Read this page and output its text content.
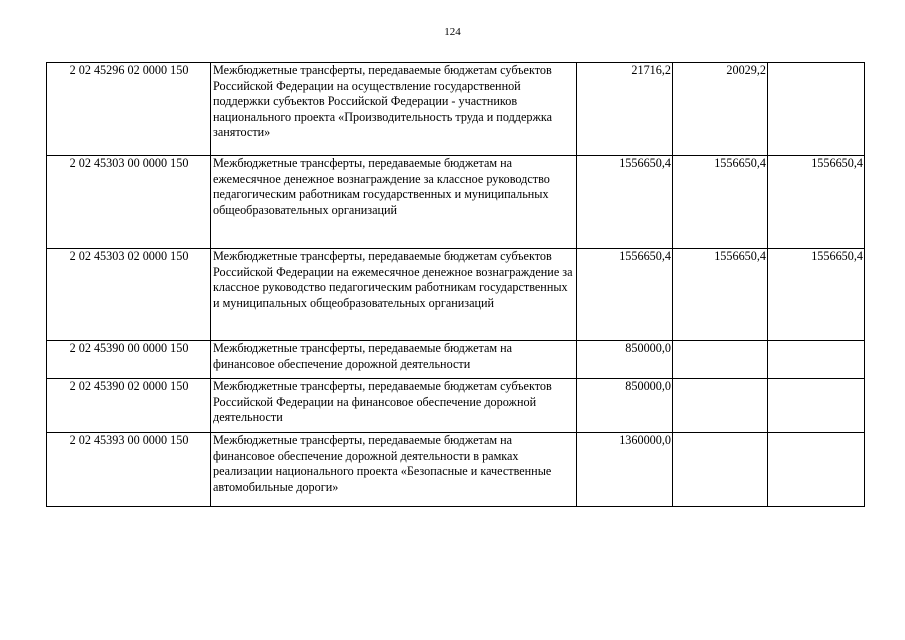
124
2 02 45296 02 0000 150	Межбюджетные трансферты, передаваемые бюджетам субъектов Российской Федерации на осуществление государственной поддержки субъектов Российской Федерации - участников национального проекта «Производительность труда и поддержка занятости»	21716,2	20029,2	
2 02 45303 00 0000 150	Межбюджетные трансферты, передаваемые бюджетам на ежемесячное денежное вознаграждение за классное руководство педагогическим работникам государственных и муниципальных общеобразовательных организаций	1556650,4	1556650,4	1556650,4
2 02 45303 02 0000 150	Межбюджетные трансферты, передаваемые бюджетам субъектов Российской Федерации на ежемесячное денежное вознаграждение за классное руководство педагогическим работникам государственных и муниципальных общеобразовательных организаций	1556650,4	1556650,4	1556650,4
2 02 45390 00 0000 150	Межбюджетные трансферты, передаваемые бюджетам на финансовое обеспечение дорожной деятельности	850000,0		
2 02 45390 02 0000 150	Межбюджетные трансферты, передаваемые бюджетам субъектов Российской Федерации на финансовое обеспечение дорожной деятельности	850000,0		
2 02 45393 00 0000 150	Межбюджетные трансферты, передаваемые бюджетам на финансовое обеспечение дорожной деятельности в рамках реализации национального проекта «Безопасные и качественные автомобильные дороги»	1360000,0		
